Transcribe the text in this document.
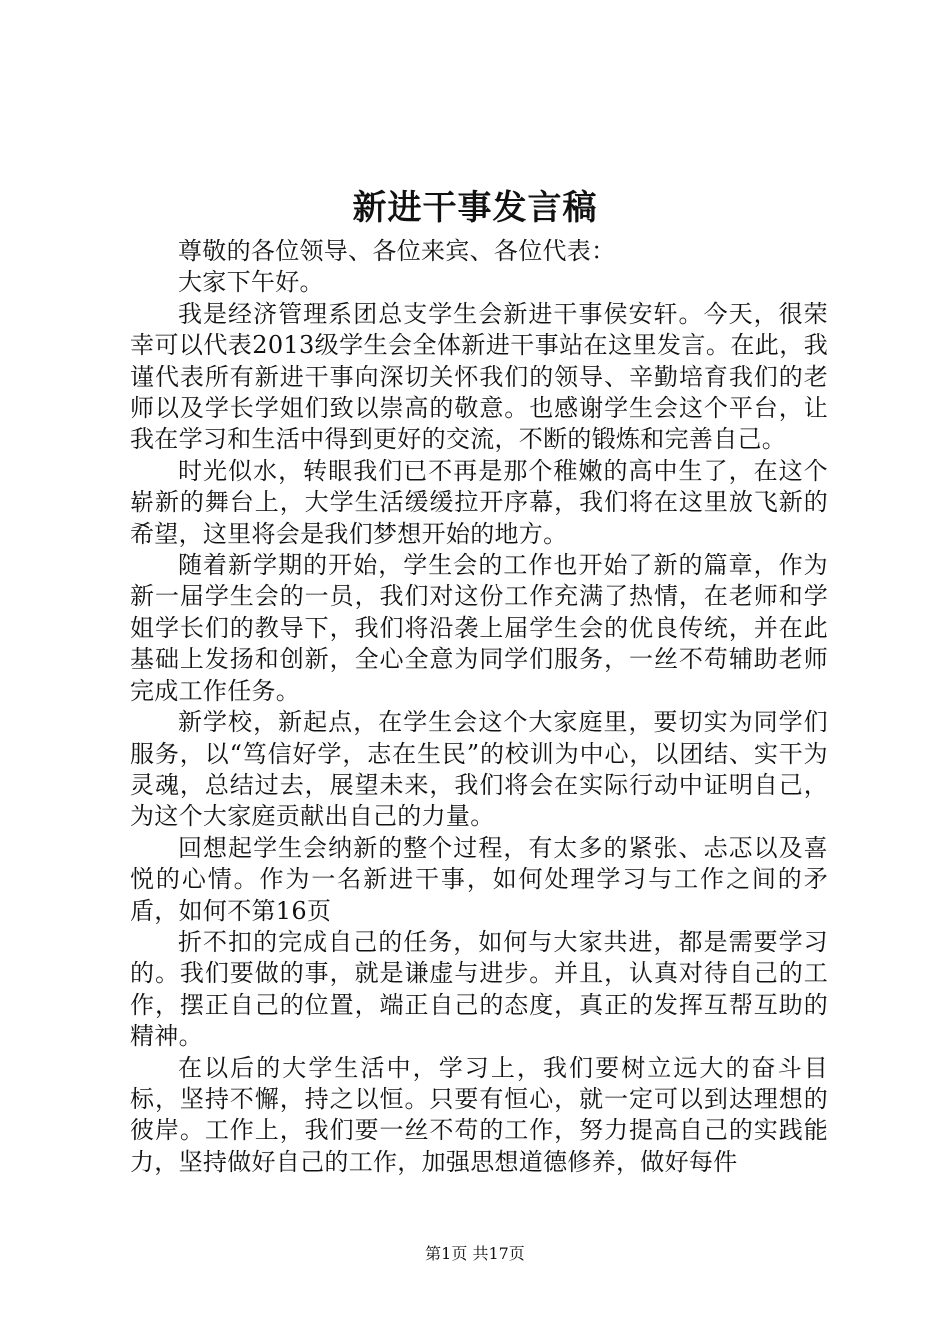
新进干事发言稿

尊敬的各位领导、各位来宾、各位代表：

大家下午好。

我是经济管理系团总支学生会新进干事侯安轩。今天，很荣幸可以代表2013级学生会全体新进干事站在这里发言。在此，我谨代表所有新进干事向深切关怀我们的领导、辛勤培育我们的老师以及学长学姐们致以崇高的敬意。也感谢学生会这个平台，让我在学习和生活中得到更好的交流，不断的锻炼和完善自己。

时光似水，转眼我们已不再是那个稚嫩的高中生了，在这个崭新的舞台上，大学生活缓缓拉开序幕，我们将在这里放飞新的希望，这里将会是我们梦想开始的地方。

随着新学期的开始，学生会的工作也开始了新的篇章，作为新一届学生会的一员，我们对这份工作充满了热情，在老师和学姐学长们的教导下，我们将沿袭上届学生会的优良传统，并在此基础上发扬和创新，全心全意为同学们服务，一丝不苟辅助老师完成工作任务。

新学校，新起点，在学生会这个大家庭里，要切实为同学们服务，以“笃信好学，志在生民”的校训为中心，以团结、实干为灵魂，总结过去，展望未来，我们将会在实际行动中证明自己，为这个大家庭贡献出自己的力量。

回想起学生会纳新的整个过程，有太多的紧张、忐忑以及喜悦的心情。作为一名新进干事，如何处理学习与工作之间的矛盾，如何不第16页

折不扣的完成自己的任务，如何与大家共进，都是需要学习的。我们要做的事，就是谦虚与进步。并且，认真对待自己的工作，摆正自己的位置，端正自己的态度，真正的发挥互帮互助的精神。

在以后的大学生活中，学习上，我们要树立远大的奋斗目标，坚持不懈，持之以恒。只要有恒心，就一定可以到达理想的彼岸。工作上，我们要一丝不苟的工作，努力提高自己的实践能力，坚持做好自己的工作，加强思想道德修养，做好每件

第1页 共17页
